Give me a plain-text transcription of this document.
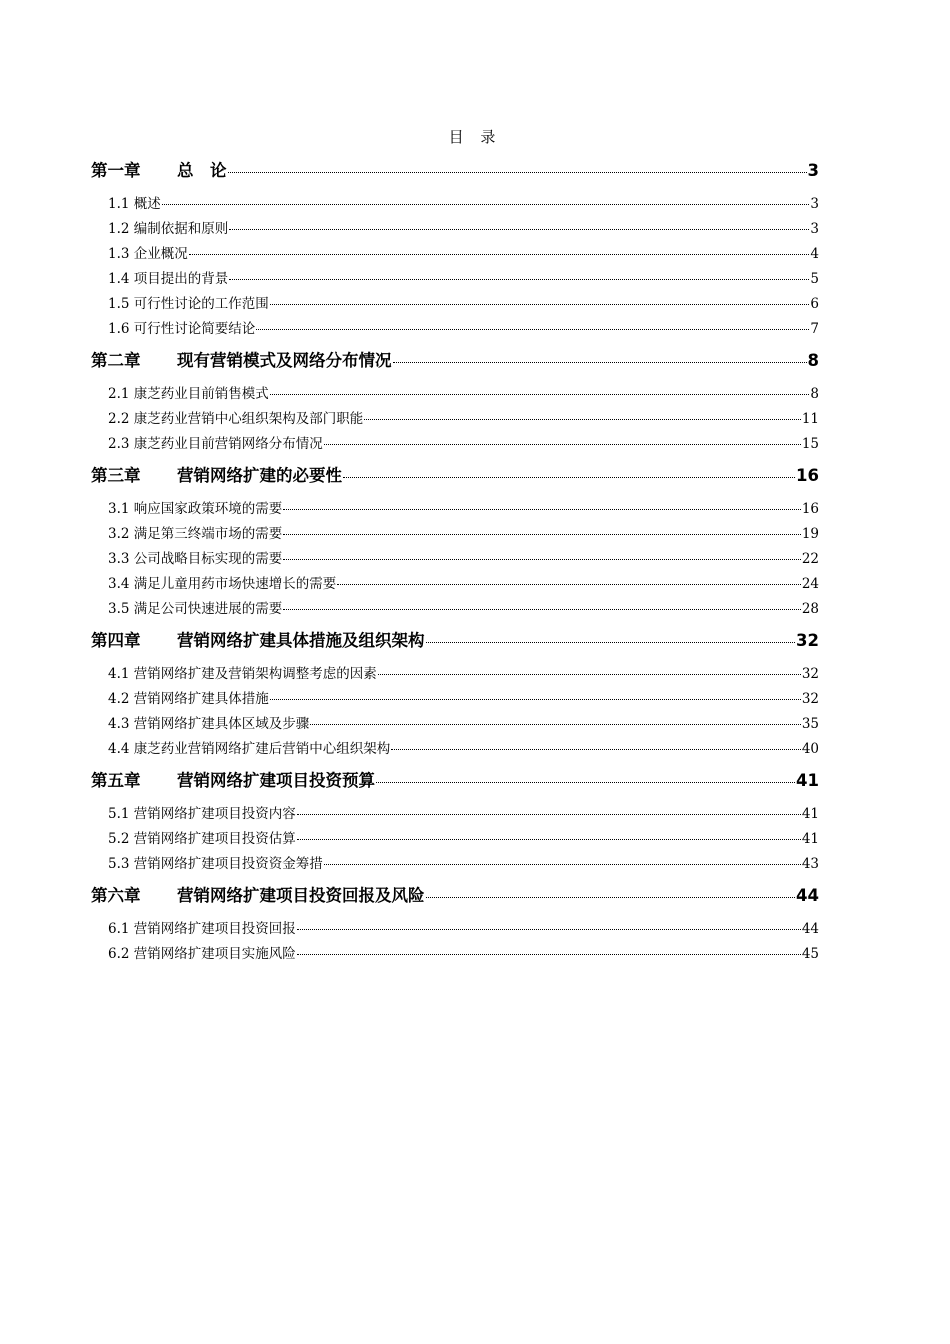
目 录
第一章 总　论	3
1.1 概述	3
1.2 编制依据和原则	3
1.3 企业概况	4
1.4 项目提出的背景	5
1.5 可行性讨论的工作范围	6
1.6 可行性讨论简要结论	7
第二章 现有营销模式及网络分布情况	8
2.1 康芝药业目前销售模式	8
2.2 康芝药业营销中心组织架构及部门职能	11
2.3 康芝药业目前营销网络分布情况	15
第三章 营销网络扩建的必要性	16
3.1 响应国家政策环境的需要	16
3.2 满足第三终端市场的需要	19
3.3 公司战略目标实现的需要	22
3.4 满足儿童用药市场快速增长的需要	24
3.5 满足公司快速进展的需要	28
第四章 营销网络扩建具体措施及组织架构	32
4.1 营销网络扩建及营销架构调整考虑的因素	32
4.2 营销网络扩建具体措施	32
4.3 营销网络扩建具体区域及步骤	35
4.4 康芝药业营销网络扩建后营销中心组织架构	40
第五章 营销网络扩建项目投资预算	41
5.1 营销网络扩建项目投资内容	41
5.2 营销网络扩建项目投资估算	41
5.3 营销网络扩建项目投资资金筹措	43
第六章 营销网络扩建项目投资回报及风险	44
6.1 营销网络扩建项目投资回报	44
6.2 营销网络扩建项目实施风险	45
